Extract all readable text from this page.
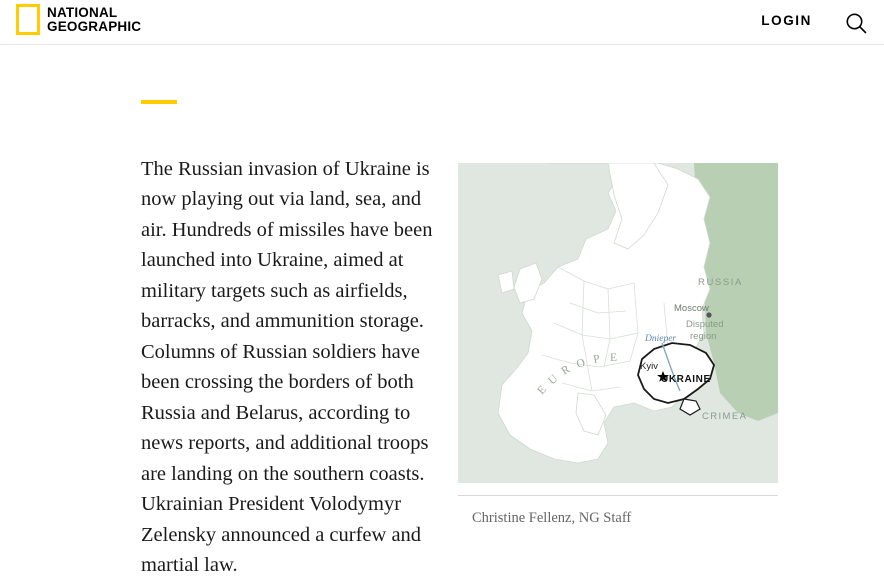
NATIONAL
GEOGRAPHIC	LOGIN

The Russian invasion of Ukraine is now playing out via land, sea, and air. Hundreds of missiles have been launched into Ukraine, aimed at military targets such as airfields, barracks, and ammunition storage. Columns of Russian soldiers have been crossing the borders of both Russia and Belarus, according to news reports, and additional troops are landing on the southern coasts. Ukrainian President Volodymyr Zelensky announced a curfew and martial law.

RUSSIA
Moscow
Disputed
region
Dnieper
Kyiv
UKRAINE
CRIMEA
E
U
R O P E
Christine Fellenz, NG Staff
